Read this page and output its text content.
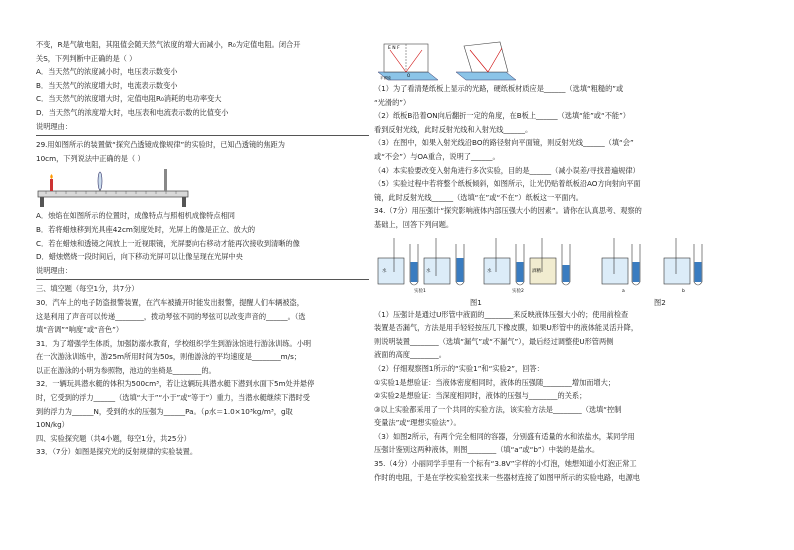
不变，R是气敏电阻，其阻值会随天然气浓度的增大而减小，R₀为定值电阻。闭合开
关S，下列判断中正确的是（ ）
A．当天然气的浓度减小时，电压表示数变小
B．当天然气的浓度增大时，电流表示数变小
C．当天然气的浓度增大时，定值电阻R₀消耗的电功率变大
D．当天然气的浓度增大时，电压表和电流表示数的比值变小
说明理由：
29.用如图所示的装置做“探究凸透镜成像规律”的实验时，已知凸透镜的焦距为
10cm，下列说法中正确的是（ ）
A．烛焰在如图所示的位置时，成像特点与照相机成像特点相同
B．若将蜡烛移到光具座42cm刻度处时，光屏上的像是正立、放大的
C．若在蜡烛和透镜之间放上一近视眼镜，光屏要向右移动才能再次接收到清晰的像
D．蜡烛燃烧一段时间后，向下移动光屏可以让像呈现在光屏中央
说明理由：
三、填空题（每空1分，共7分）
30．汽车上的电子防盗报警装置，在汽车被撬开时能发出报警，提醒人们车辆被盗，
这是利用了声音可以传递________，拨动琴弦不同的琴弦可以改变声音的______。（选
填“音调”“响度”或“音色”）
31．为了增强学生体质，加强防溺水教育，学校组织学生到游泳馆进行游泳训练。小明
在一次游泳训练中，游25m所用时间为50s，则他游泳的平均速度是________m/s；
以正在游泳的小明为参照物，池边的坐椅是________的。
32．一辆玩具潜水艇的体积为500cm³，若让这辆玩具潜水艇下潜到水面下5m处并悬停
时，它受到的浮力______（选填“大于”“小于”或“等于”）重力，当潜水艇继续下潜时受
到的浮力为______N，受到的水的压强为______Pa。（ρ水＝1.0×10³kg/m³，g取
10N/kg）
四、实验探究题（共4小题，每空1分，共25分）
33．（7分）如图是探究光的反射规律的实验装置。
E N F
O
平面镜
（1）为了看清楚纸板上显示的光路，硬纸板材质应是______（选填“粗糙的”或
“光滑的”）
（2）纸板B沿着ON向后翻折一定的角度，在B板上______（选填“能”或“不能”）
看到反射光线，此时反射光线和入射光线______。
（3）在图中，如果入射光线沿BO的路径射向平面镜，则反射光线______（填“会”
或“不会”）与OA重合，说明了______。
（4）本实验要改变入射角进行多次实验，目的是______（减小误差/寻找普遍规律）
（5）实验过程中若将整个纸板倾斜，如图所示，让光仍贴着纸板沿AO方向射向平面
镜，此时反射光线______（选填“在”或“不在”）纸板这一平面内。
34.（7分）用压强计“探究影响液体内部压强大小的因素”。请你在认真思考、观察的
基础上，回答下列问题。
水	水	水	酒精
实验1	实验2	a	b
图1	图2
（1）压强计是通过U形管中液面的________来反映液体压强大小的；使用前检查
装置是否漏气，方法是用手轻轻按压几下橡皮膜，如果U形管中的液体能灵活升降，
则说明装置________（选填“漏气”或“不漏气”），最后经过调整使U形管两侧
液面的高度________。
（2）仔细观察图1所示的“实验1”和“实验2”，回答：
①实验1是想验证：当液体密度相同时，液体的压强随________增加而增大；
②实验2是想验证：当深度相同时，液体的压强与________的关系；
③以上实验都采用了一个共同的实验方法，该实验方法是________（选填“控制
变量法”或“理想实验法”）。
（3）如图2所示，有两个完全相同的容器，分别盛有适量的水和浓盐水，某同学用
压强计鉴别这两种液体，则图________（填“a”或“b”）中装的是盐水。
35.（4分）小丽同学手里有一个标有“3.8V”字样的小灯泡，她想知道小灯泡正常工
作时的电阻，于是在学校实验室找来一些器材连接了如图甲所示的实验电路，电源电
